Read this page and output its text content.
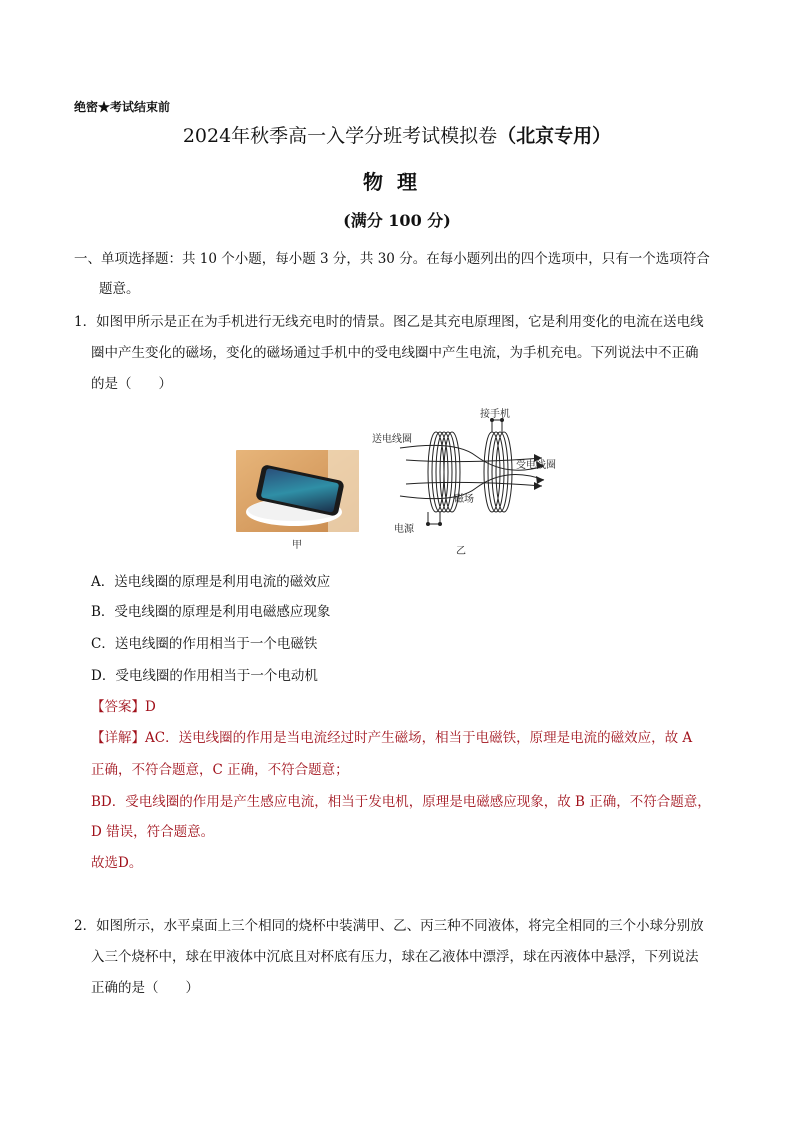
绝密★考试结束前
2024年秋季高一入学分班考试模拟卷（北京专用）
物理
(满分 100 分)
一、单项选择题：共 10 个小题，每小题 3 分，共 30 分。在每小题列出的四个选项中，只有一个选项符合
题意。
1．如图甲所示是正在为手机进行无线充电时的情景。图乙是其充电原理图，它是利用变化的电流在送电线
圈中产生变化的磁场，变化的磁场通过手机中的受电线圈中产生电流，为手机充电。下列说法中不正确
的是（　　）
甲
接手机
送电线圈
受电线圈
磁场
电源
乙
A．送电线圈的原理是利用电流的磁效应
B．受电线圈的原理是利用电磁感应现象
C．送电线圈的作用相当于一个电磁铁
D．受电线圈的作用相当于一个电动机
【答案】D
【详解】AC．送电线圈的作用是当电流经过时产生磁场，相当于电磁铁，原理是电流的磁效应，故 A
正确，不符合题意，C 正确，不符合题意；
BD．受电线圈的作用是产生感应电流，相当于发电机，原理是电磁感应现象，故 B 正确，不符合题意，
D 错误，符合题意。
故选D。
2．如图所示，水平桌面上三个相同的烧杯中装满甲、乙、丙三种不同液体，将完全相同的三个小球分别放
入三个烧杯中，球在甲液体中沉底且对杯底有压力，球在乙液体中漂浮，球在丙液体中悬浮，下列说法
正确的是（　　）
